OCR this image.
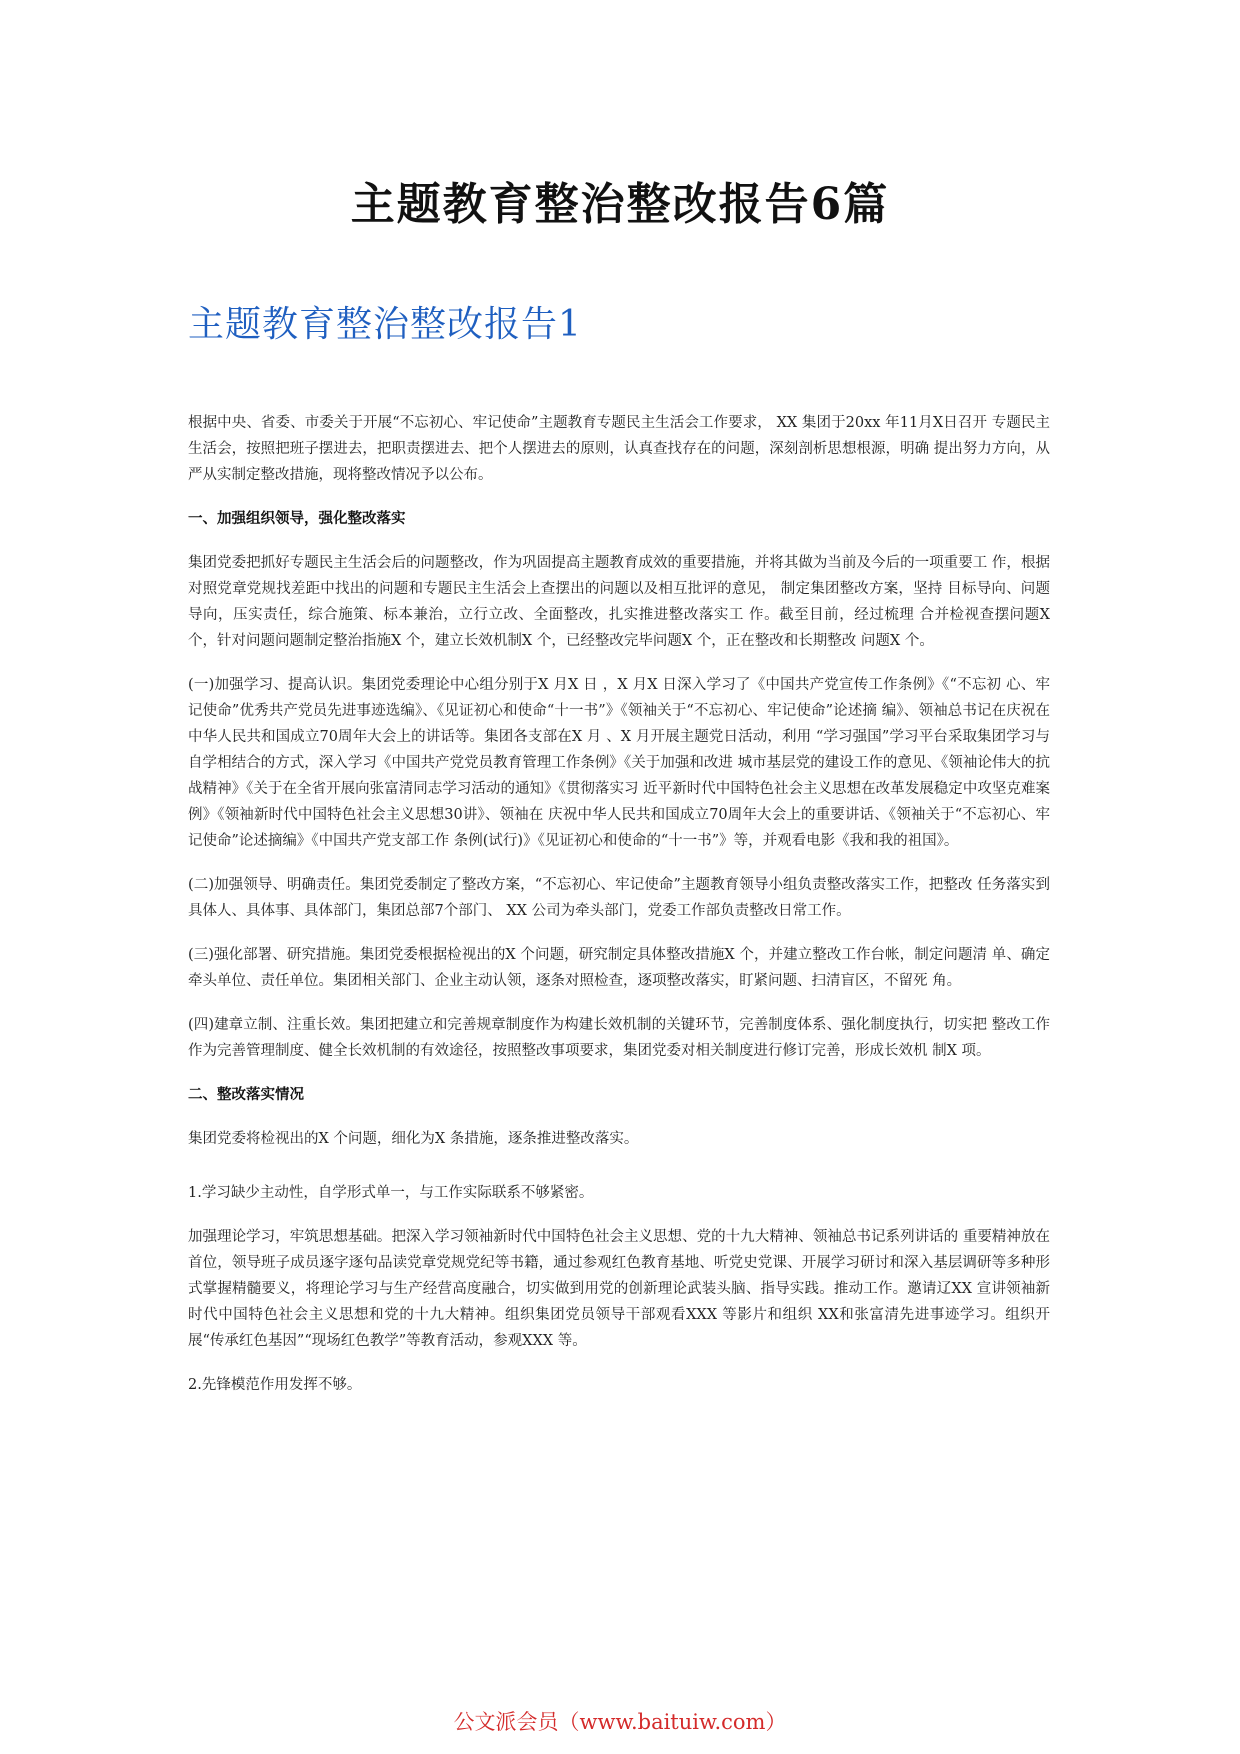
主题教育整治整改报告6篇
主题教育整治整改报告1

根据中央、省委、市委关于开展“不忘初心、牢记使命”主题教育专题民主生活会工作要求， XX 集团于20xx 年11月X日召开 专题民主生活会，按照把班子摆进去，把职责摆进去、把个人摆进去的原则，认真查找存在的问题，深刻剖析思想根源，明确 提出努力方向，从严从实制定整改措施，现将整改情况予以公布。

一、加强组织领导，强化整改落实

集团党委把抓好专题民主生活会后的问题整改，作为巩固提高主题教育成效的重要措施，并将其做为当前及今后的一项重要工 作，根据对照党章党规找差距中找出的问题和专题民主生活会上查摆出的问题以及相互批评的意见， 制定集团整改方案，坚持 目标导向、问题导向，压实责任，综合施策、标本兼治，立行立改、全面整改，扎实推进整改落实工 作。截至目前，经过梳理 合并检视查摆问题X 个，针对问题问题制定整治指施X 个，建立长效机制X 个，已经整改完毕问题X 个，正在整改和长期整改 问题X 个。

(一)加强学习、提高认识。集团党委理论中心组分别于X 月X 日 ，X 月X 日深入学习了《中国共产党宣传工作条例》《“不忘初 心、牢记使命”优秀共产党员先进事迹选编》、《见证初心和使命“十一书”》《领袖关于“不忘初心、牢记使命”论述摘 编》、领袖总书记在庆祝在中华人民共和国成立70周年大会上的讲话等。集团各支部在X 月 、X 月开展主题党日活动，利用 “学习强国”学习平台采取集团学习与自学相结合的方式，深入学习《中国共产党党员教育管理工作条例》《关于加强和改进 城市基层党的建设工作的意见、《领袖论伟大的抗战精神》《关于在全省开展向张富清同志学习活动的通知》《贯彻落实习 近平新时代中国特色社会主义思想在改革发展稳定中攻坚克难案例》《领袖新时代中国特色社会主义思想30讲》、领袖在 庆祝中华人民共和国成立70周年大会上的重要讲话、《领袖关于“不忘初心、牢记使命”论述摘编》《中国共产党支部工作 条例(试行)》《见证初心和使命的“十一书”》等，并观看电影《我和我的祖国》。

(二)加强领导、明确责任。集团党委制定了整改方案，“不忘初心、牢记使命”主题教育领导小组负责整改落实工作，把整改 任务落实到具体人、具体事、具体部门，集团总部7个部门、 XX 公司为牵头部门，党委工作部负责整改日常工作。

(三)强化部署、研究措施。集团党委根据检视出的X 个问题，研究制定具体整改措施X 个，并建立整改工作台帐，制定问题清 单、确定牵头单位、责任单位。集团相关部门、企业主动认领，逐条对照检查，逐项整改落实，盯紧问题、扫清盲区，不留死 角。

(四)建章立制、注重长效。集团把建立和完善规章制度作为构建长效机制的关键环节，完善制度体系、强化制度执行，切实把 整改工作作为完善管理制度、健全长效机制的有效途径，按照整改事项要求，集团党委对相关制度进行修订完善，形成长效机 制X 项。

二、整改落实情况

集团党委将检视出的X 个问题，细化为X 条措施，逐条推进整改落实。

1.学习缺少主动性，自学形式单一，与工作实际联系不够紧密。

加强理论学习，牢筑思想基础。把深入学习领袖新时代中国特色社会主义思想、党的十九大精神、领袖总书记系列讲话的 重要精神放在首位，领导班子成员逐字逐句品读党章党规党纪等书籍，通过参观红色教育基地、听党史党课、开展学习研讨和深入基层调研等多种形式掌握精髓要义，将理论学习与生产经营高度融合，切实做到用党的创新理论武装头脑、指导实践。推动工作。邀请辽XX 宣讲领袖新时代中国特色社会主义思想和党的十九大精神。组织集团党员领导干部观看XXX 等影片和组织 XX和张富清先进事迹学习。组织开展“传承红色基因”“现场红色教学”等教育活动，参观XXX 等。

2.先锋模范作用发挥不够。

公文派会员（www.baituiw.com）
